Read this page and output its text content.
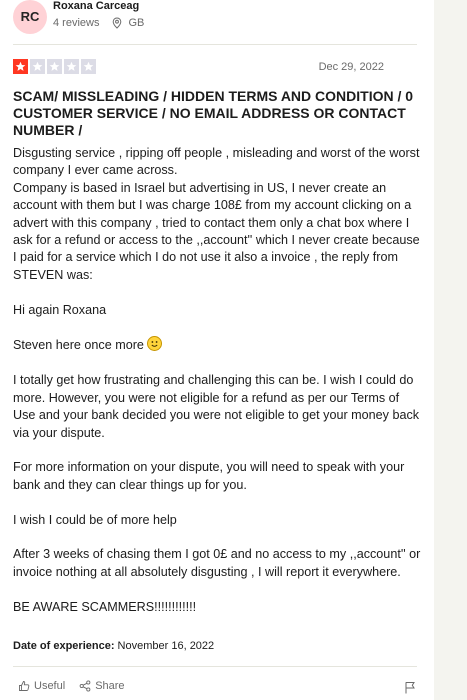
RC
Roxana Carceag
4 reviews	GB
Dec 29, 2022
SCAM/ MISSLEADING / HIDDEN TERMS AND CONDITION / 0 CUSTOMER SERVICE / NO EMAIL ADDRESS OR CONTACT NUMBER /

Disgusting service , ripping off people , misleading and worst of the worst company I ever came across.
Company is based in Israel but advertising in US, I never create an account with them but I was charge 108£ from my account clicking on a advert with this company , tried to contact them only a chat box where I ask for a refund or access to the ,,account'' which I never create because I paid for a service which I do not use it also a invoice , the reply from STEVEN was:

Hi again Roxana

Steven here once more

I totally get how frustrating and challenging this can be. I wish I could do more. However, you were not eligible for a refund as per our Terms of Use and your bank decided you were not eligible to get your money back via your dispute.

For more information on your dispute, you will need to speak with your bank and they can clear things up for you.

I wish I could be of more help

After 3 weeks of chasing them I got 0£ and no access to my ,,account'' or invoice nothing at all absolutely disgusting , I will report it everywhere.

BE AWARE SCAMMERS!!!!!!!!!!!!

Date of experience: November 16, 2022
Useful	Share
